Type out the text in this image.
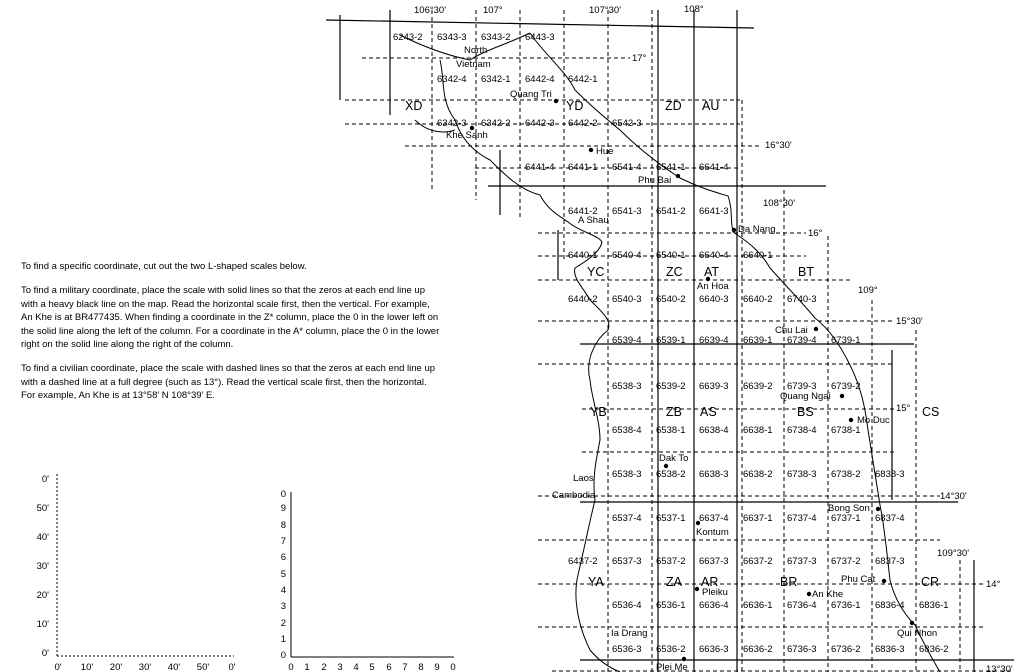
106°30'	107°	107°30'	108°
108°30'
109°
109°30'
17°
16°30'
16°
15°30'
15°
14°30'
14°
13°30'
XD	YD	ZD AU
YC	ZC AT	BT
YB	ZB AS	BS	CS
YA	ZA AR	BR	CR
6243-2 6343-3 6343-2 6443-3
6342-4 6342-1 6442-4 6442-1
6342-3 6342-2 6442-3 6442-2 6542-3
6441-4 6441-1 6541-4 6541-1 6641-4
6441-2 6541-3 6541-2 6641-3
6440-1 6540-4 6540-1 6640-4 6640-1
6440-2 6540-3 6540-2 6640-3 6640-2 6740-3
6539-4 6539-1 6639-4 6639-1 6739-4 6739-1
6538-3 6539-2 6639-3 6639-2 6739-3 6739-2
6538-4 6538-1 6638-4 6638-1 6738-4 6738-1
6538-3 6538-2 6638-3 6638-2 6738-3 6738-2 6838-3
6537-4 6537-1 6637-4 6637-1 6737-4 6737-1 6837-4
6437-2 6537-3 6537-2 6637-3 6637-2 6737-3 6737-2 6837-3
6536-4 6536-1 6636-4 6636-1 6736-4 6736-1 6836-4 6836-1
6536-3 6536-2 6636-3 6636-2 6736-3 6736-2 6836-3 6836-2
North
Vietnam
Quang Tri
Khe Sanh
Hue
Phu Bai
A Shau
Da Nang
An Hoa
Chu Lai
Quang Ngai
Mo Duc
Dak To
Laos
Cambodia
Kontum
Bong Son
Pleiku	An Khe
Phu Cat
Ia Drang	Qui Nhon
Plei Me
0'
10'
20'
30'
40'
50'
0'
0' 10' 20' 30' 40' 50' 0'
0
1
2
3
4
5
6
7
8
9
0
0 1 2 3 4 5 6 7 8 9 0

To find a specific coordinate, cut out the two L-shaped scales below.

To find a military coordinate, place the scale with solid lines so that the zeros at each end line up with a heavy black line on the map. Read the horizontal scale first, then the vertical. For example, An Khe is at BR477435. When finding a coordinate in the Z* column, place the 0 in the lower left on the solid line along the left of the column. For a coordinate in the A* column, place the 0 in the lower right on the solid line along the right of the column.

To find a civilian coordinate, place the scale with dashed lines so that the zeros at each end line up with a dashed line at a full degree (such as 13°). Read the vertical scale first, then the horizontal. For example, An Khe is at 13°58' N 108°39' E.
